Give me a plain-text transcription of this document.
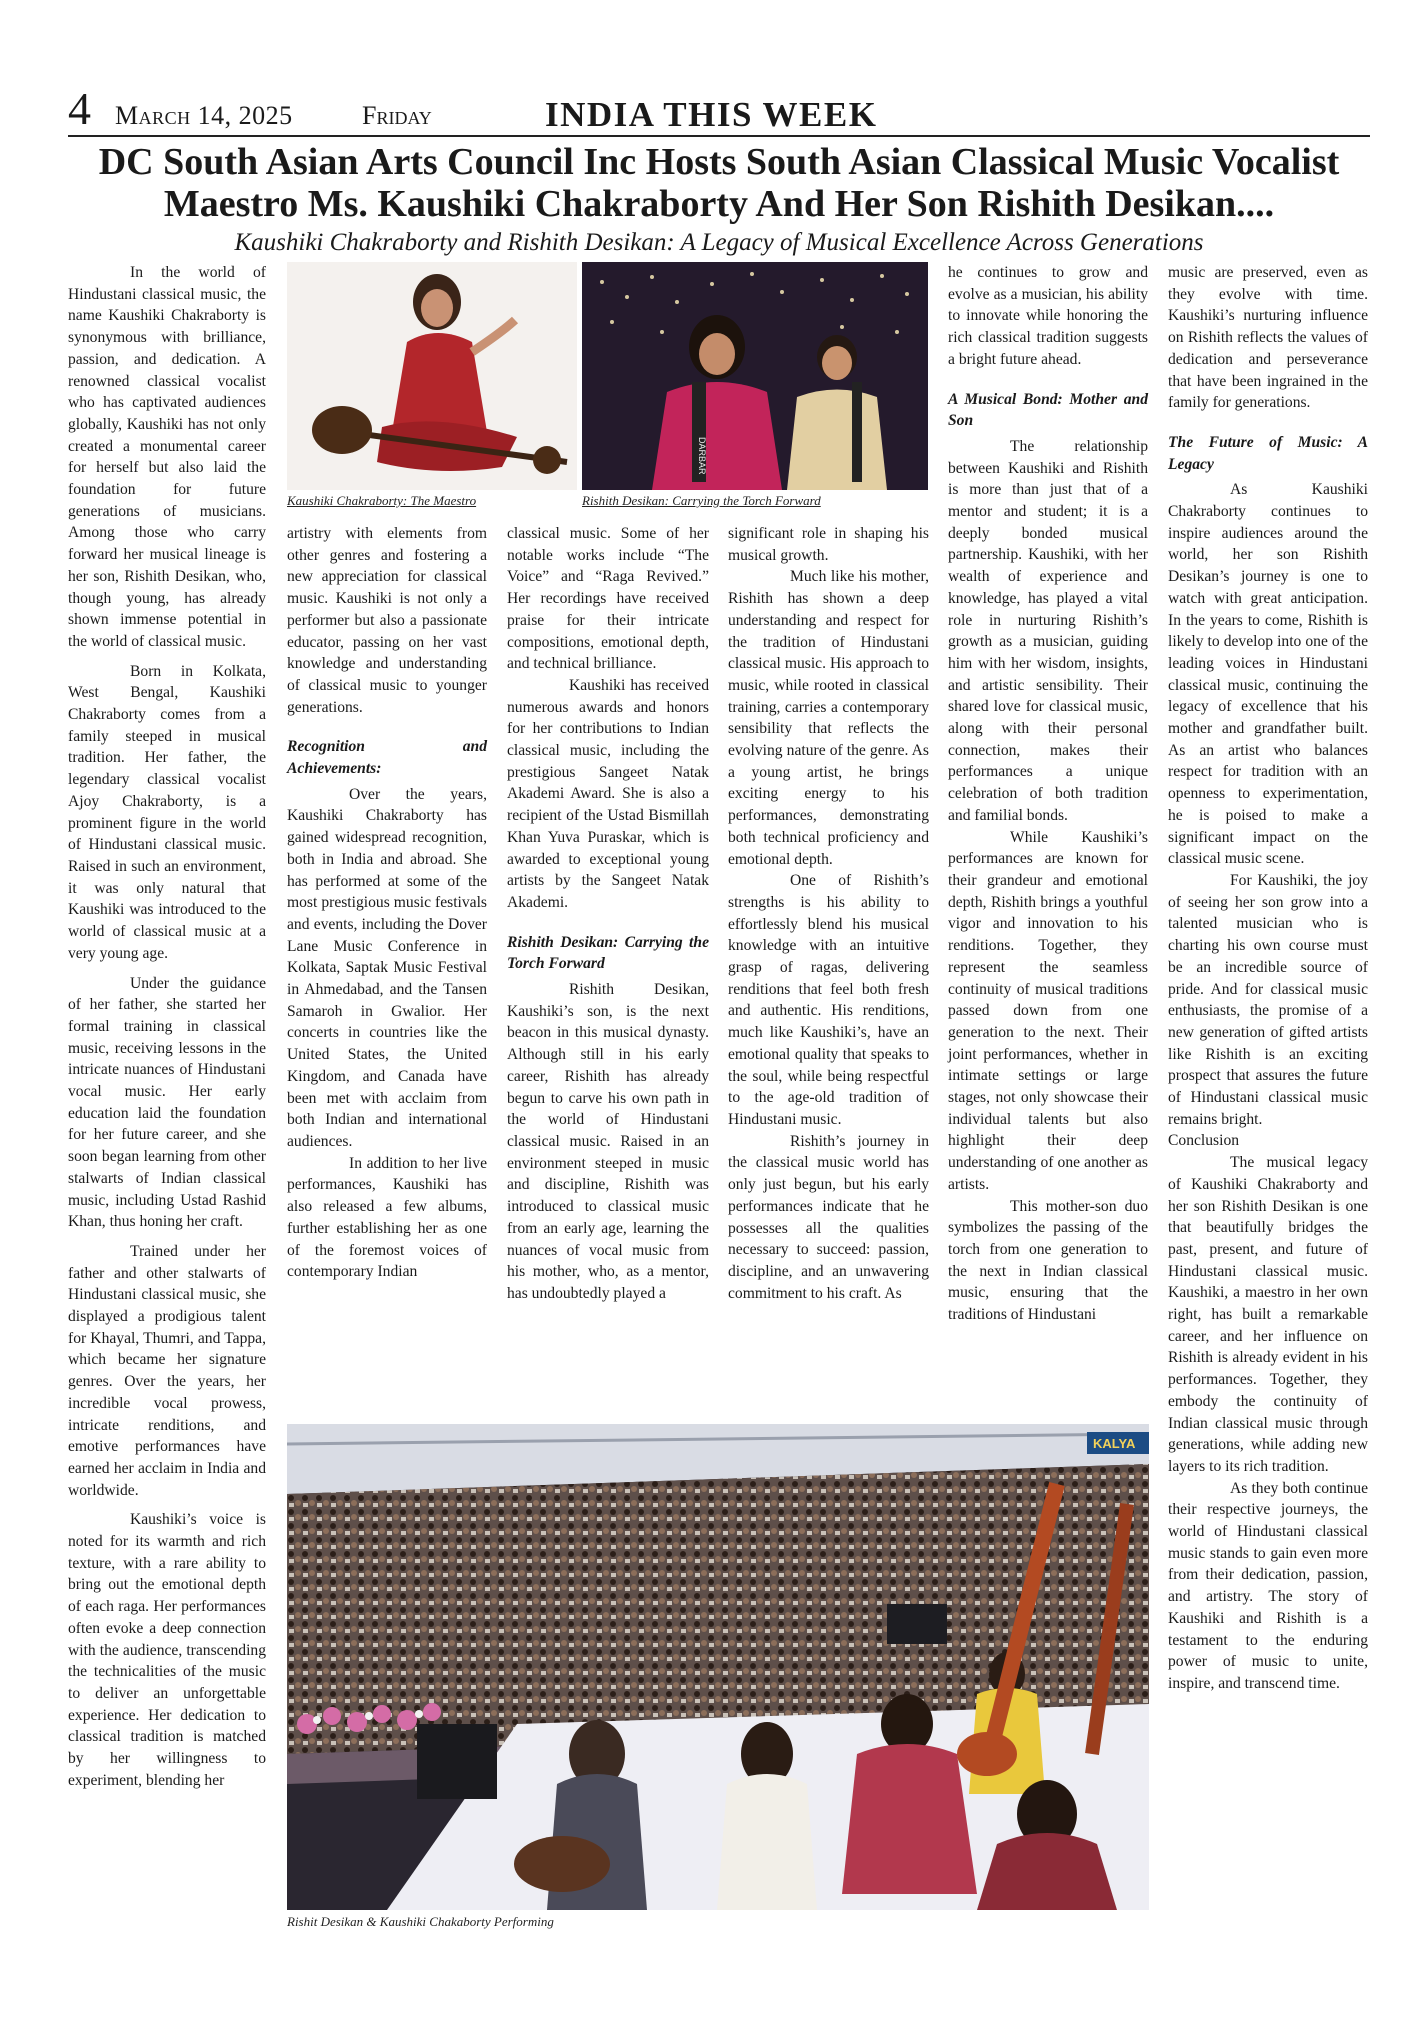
4 March 14, 2025	Friday	INDIA THIS WEEK
DC South Asian Arts Council Inc Hosts South Asian Classical Music Vocalist Maestro Ms. Kaushiki Chakraborty And Her Son Rishith Desikan....
Kaushiki Chakraborty and Rishith Desikan: A Legacy of Musical Excellence Across Generations

In the world of Hindustani classical music, the name Kaushiki Chakraborty is synonymous with brilliance, passion, and dedication. A renowned classical vocalist who has captivated audiences globally, Kaushiki has not only created a monumental career for herself but also laid the foundation for future generations of musicians. Among those who carry forward her musical lineage is her son, Rishith Desikan, who, though young, has already shown immense potential in the world of classical music.

Born in Kolkata, West Bengal, Kaushiki Chakraborty comes from a family steeped in musical tradition. Her father, the legendary classical vocalist Ajoy Chakraborty, is a prominent figure in the world of Hindustani classical music. Raised in such an environment, it was only natural that Kaushiki was introduced to the world of classical music at a very young age.

Under the guidance of her father, she started her formal training in classical music, receiving lessons in the intricate nuances of Hindustani vocal music. Her early education laid the foundation for her future career, and she soon began learning from other stalwarts of Indian classical music, including Ustad Rashid Khan, thus honing her craft.

Trained under her father and other stalwarts of Hindustani classical music, she displayed a prodigious talent for Khayal, Thumri, and Tappa, which became her signature genres. Over the years, her incredible vocal prowess, intricate renditions, and emotive performances have earned her acclaim in India and worldwide.

Kaushiki’s voice is noted for its warmth and rich texture, with a rare ability to bring out the emotional depth of each raga. Her performances often evoke a deep connection with the audience, transcending the technicalities of the music to deliver an unforgettable experience. Her dedication to classical tradition is matched by her willingness to experiment, blending her

Kaushiki Chakraborty: The Maestro
DARBAR
Rishith Desikan: Carrying the Torch Forward

artistry with elements from other genres and fostering a new appreciation for classical music. Kaushiki is not only a performer but also a passionate educator, passing on her vast knowledge and understanding of classical music to younger generations.

Recognition and Achievements:

Over the years, Kaushiki Chakraborty has gained widespread recognition, both in India and abroad. She has performed at some of the most prestigious music festivals and events, including the Dover Lane Music Conference in Kolkata, Saptak Music Festival in Ahmedabad, and the Tansen Samaroh in Gwalior. Her concerts in countries like the United States, the United Kingdom, and Canada have been met with acclaim from both Indian and international audiences.

In addition to her live performances, Kaushiki has also released a few albums, further establishing her as one of the foremost voices of contemporary Indian

classical music. Some of her notable works include “The Voice” and “Raga Revived.” Her recordings have received praise for their intricate compositions, emotional depth, and technical brilliance.

Kaushiki has received numerous awards and honors for her contributions to Indian classical music, including the prestigious Sangeet Natak Akademi Award. She is also a recipient of the Ustad Bismillah Khan Yuva Puraskar, which is awarded to exceptional young artists by the Sangeet Natak Akademi.

Rishith Desikan: Carrying the Torch Forward

Rishith Desikan, Kaushiki’s son, is the next beacon in this musical dynasty. Although still in his early career, Rishith has already begun to carve his own path in the world of Hindustani classical music. Raised in an environment steeped in music and discipline, Rishith was introduced to classical music from an early age, learning the nuances of vocal music from his mother, who, as a mentor, has undoubtedly played a

significant role in shaping his musical growth.

Much like his mother, Rishith has shown a deep understanding and respect for the tradition of Hindustani classical music. His approach to music, while rooted in classical training, carries a contemporary sensibility that reflects the evolving nature of the genre. As a young artist, he brings exciting energy to his performances, demonstrating both technical proficiency and emotional depth.

One of Rishith’s strengths is his ability to effortlessly blend his musical knowledge with an intuitive grasp of ragas, delivering renditions that feel both fresh and authentic. His renditions, much like Kaushiki’s, have an emotional quality that speaks to the soul, while being respectful to the age-old tradition of Hindustani music.

Rishith’s journey in the classical music world has only just begun, but his early performances indicate that he possesses all the qualities necessary to succeed: passion, discipline, and an unwavering commitment to his craft. As

he continues to grow and evolve as a musician, his ability to innovate while honoring the rich classical tradition suggests a bright future ahead.

A Musical Bond: Mother and Son

The relationship between Kaushiki and Rishith is more than just that of a mentor and student; it is a deeply bonded musical partnership. Kaushiki, with her wealth of experience and knowledge, has played a vital role in nurturing Rishith’s growth as a musician, guiding him with her wisdom, insights, and artistic sensibility. Their shared love for classical music, along with their personal connection, makes their performances a unique celebration of both tradition and familial bonds.

While Kaushiki’s performances are known for their grandeur and emotional depth, Rishith brings a youthful vigor and innovation to his renditions. Together, they represent the seamless continuity of musical traditions passed down from one generation to the next. Their joint performances, whether in intimate settings or large stages, not only showcase their individual talents but also highlight their deep understanding of one another as artists.

This mother-son duo symbolizes the passing of the torch from one generation to the next in Indian classical music, ensuring that the traditions of Hindustani

music are preserved, even as they evolve with time. Kaushiki’s nurturing influence on Rishith reflects the values of dedication and perseverance that have been ingrained in the family for generations.

The Future of Music: A Legacy

As Kaushiki Chakraborty continues to inspire audiences around the world, her son Rishith Desikan’s journey is one to watch with great anticipation. In the years to come, Rishith is likely to develop into one of the leading voices in Hindustani classical music, continuing the legacy of excellence that his mother and grandfather built. As an artist who balances respect for tradition with an openness to experimentation, he is poised to make a significant impact on the classical music scene.

For Kaushiki, the joy of seeing her son grow into a talented musician who is charting his own course must be an incredible source of pride. And for classical music enthusiasts, the promise of a new generation of gifted artists like Rishith is an exciting prospect that assures the future of Hindustani classical music remains bright.

Conclusion

The musical legacy of Kaushiki Chakraborty and her son Rishith Desikan is one that beautifully bridges the past, present, and future of Hindustani classical music. Kaushiki, a maestro in her own right, has built a remarkable career, and her influence on Rishith is already evident in his performances. Together, they embody the continuity of Indian classical music through generations, while adding new layers to its rich tradition.

As they both continue their respective journeys, the world of Hindustani classical music stands to gain even more from their dedication, passion, and artistry. The story of Kaushiki and Rishith is a testament to the enduring power of music to unite, inspire, and transcend time.

KALYA
Rishit Desikan & Kaushiki Chakaborty Performing
